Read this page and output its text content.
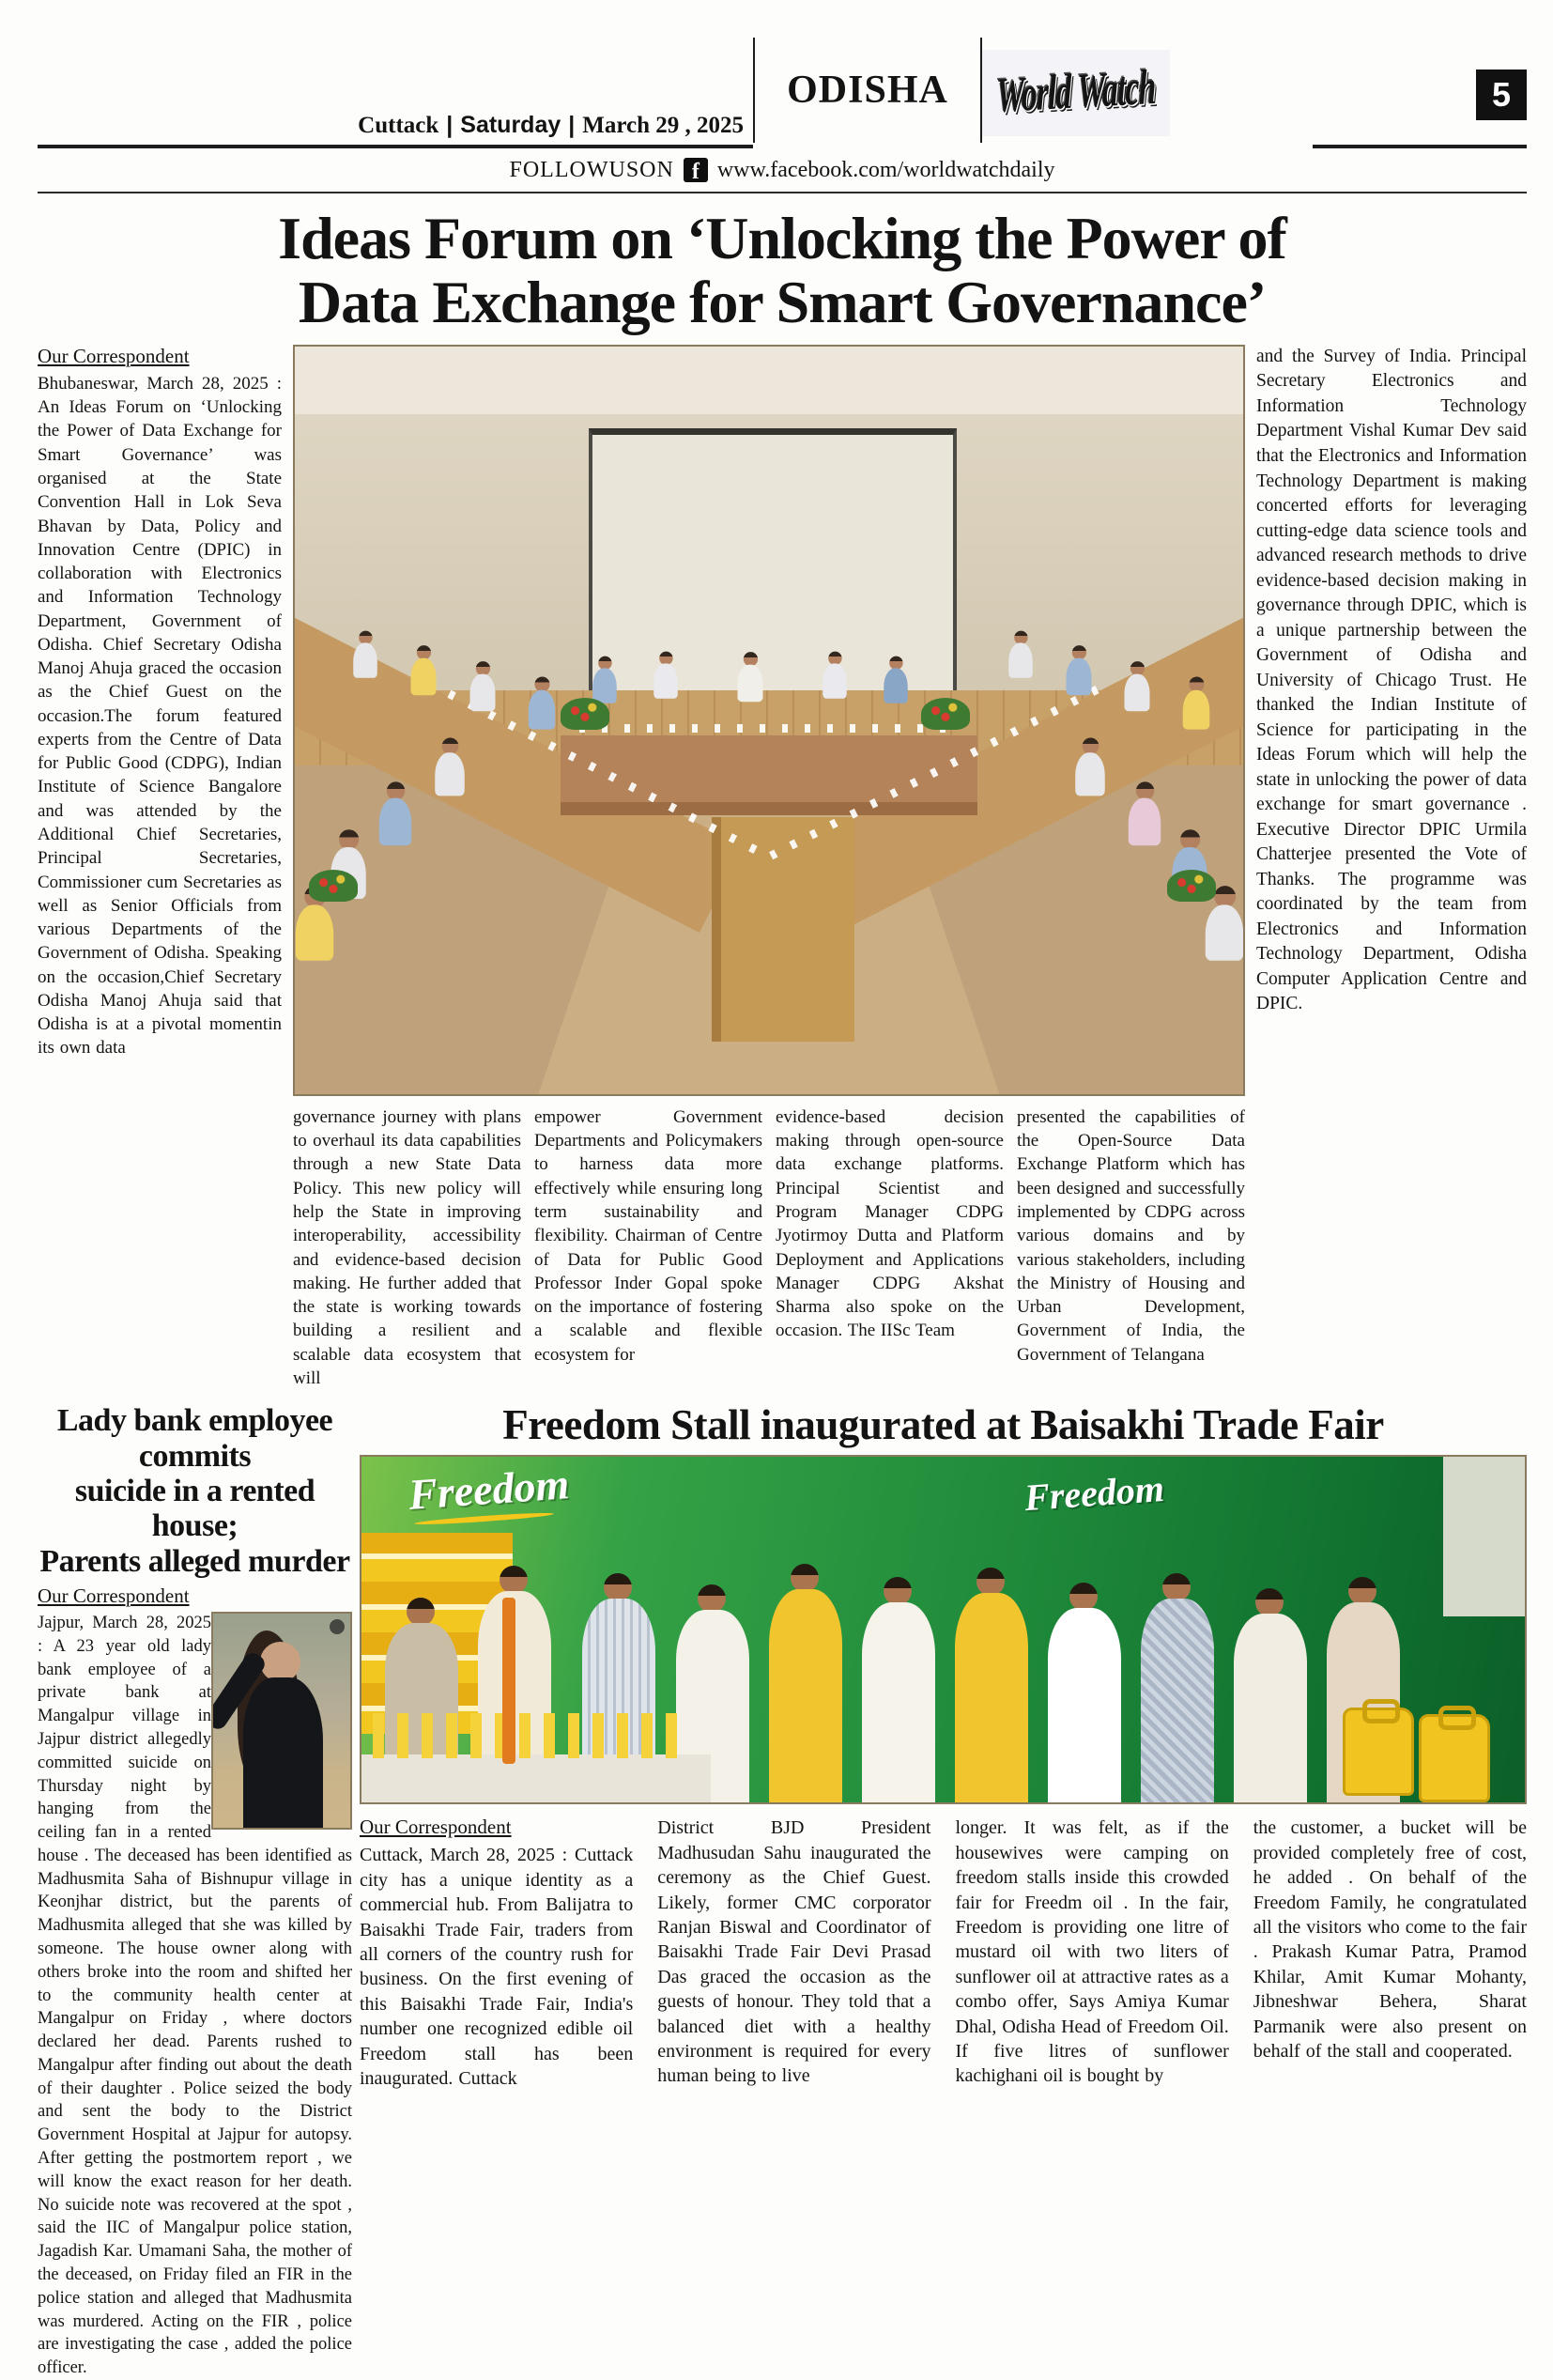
Cuttack | Saturday | March 29 , 2025
ODISHA	World Watch	5
FOLLOWUSON f www.facebook.com/worldwatchdaily
Ideas Forum on ‘Unlocking the Power of
Data Exchange for Smart Governance’

Our Correspondent

Bhubaneswar, March 28, 2025 : An Ideas Forum on ‘Unlocking the Power of Data Exchange for Smart Governance’ was organised at the State Convention Hall in Lok Seva Bhavan by Data, Policy and Innovation Centre (DPIC) in collaboration with Electronics and Information Technology Department, Government of Odisha. Chief Secretary Odisha Manoj Ahuja graced the occasion as the Chief Guest on the occasion.The forum featured experts from the Centre of Data for Public Good (CDPG), Indian Institute of Science Bangalore and was attended by the Additional Chief Secretaries, Principal Secretaries, Commissioner cum Secretaries as well as Senior Officials from various Departments of the Government of Odisha. Speaking on the occasion,Chief Secretary Odisha Manoj Ahuja said that Odisha is at a pivotal momentin its own data

governance journey with plans to overhaul its data capabilities through a new State Data Policy. This new policy will help the State in improving interoperability, accessibility and evidence-based decision making. He further added that the state is working towards building a resilient and scalable data ecosystem that will

empower Government Departments and Policymakers to harness data more effectively while ensuring long term sustainability and flexibility. Chairman of Centre of Data for Public Good Professor Inder Gopal spoke on the importance of fostering a scalable and flexible ecosystem for

evidence-based decision making through open-source data exchange platforms. Principal Scientist and Program Manager CDPG Jyotirmoy Dutta and Platform Deployment and Applications Manager CDPG Akshat Sharma also spoke on the occasion. The IISc Team

presented the capabilities of the Open-Source Data Exchange Platform which has been designed and successfully implemented by CDPG across various domains and by various stakeholders, including the Ministry of Housing and Urban Development, Government of India, the Government of Telangana

and the Survey of India. Principal Secretary Electronics and Information Technology Department Vishal Kumar Dev said that the Electronics and Information Technology Department is making concerted efforts for leveraging cutting-edge data science tools and advanced research methods to drive evidence-based decision making in governance through DPIC, which is a unique partnership between the Government of Odisha and University of Chicago Trust. He thanked the Indian Institute of Science for participating in the Ideas Forum which will help the state in unlocking the power of data exchange for smart governance . Executive Director DPIC Urmila Chatterjee presented the Vote of Thanks. The programme was coordinated by the team from Electronics and Information Technology Department, Odisha Computer Application Centre and DPIC.

Lady bank employee commits
suicide in a rented house;
Parents alleged murder

Our Correspondent

Jajpur, March 28, 2025 : A 23 year old lady bank employee of a private bank at Mangalpur village in Jajpur district allegedly committed suicide on Thursday night by hanging from the ceiling fan in a rented house . The deceased has been identified as Madhusmita Saha of Bishnupur village in Keonjhar district, but the parents of Madhusmita alleged that she was killed by someone. The house owner along with others broke into the room and shifted her to the community health center at Mangalpur on Friday , where doctors declared her dead. Parents rushed to Mangalpur after finding out about the death of their daughter . Police seized the body and sent the body to the District Government Hospital at Jajpur for autopsy. After getting the postmortem report , we will know the exact reason for her death. No suicide note was recovered at the spot , said the IIC of Mangalpur police station, Jagadish Kar. Umamani Saha, the mother of the deceased, on Friday filed an FIR in the police station and alleged that Madhusmita was murdered. Acting on the FIR , police are investigating the case , added the police officer.

Freedom Stall inaugurated at Baisakhi Trade Fair
Freedom	Freedom

Our Correspondent

Cuttack, March 28, 2025 : Cuttack city has a unique identity as a commercial hub. From Balijatra to Baisakhi Trade Fair, traders from all corners of the country rush for business. On the first evening of this Baisakhi Trade Fair, India's number one recognized edible oil Freedom stall has been inaugurated. Cuttack

District BJD President Madhusudan Sahu inaugurated the ceremony as the Chief Guest. Likely, former CMC corporator Ranjan Biswal and Coordinator of Baisakhi Trade Fair Devi Prasad Das graced the occasion as the guests of honour. They told that a balanced diet with a healthy environment is required for every human being to live

longer. It was felt, as if the housewives were camping on freedom stalls inside this crowded fair for Freedm oil . In the fair, Freedom is providing one litre of mustard oil with two liters of sunflower oil at attractive rates as a combo offer, Says Amiya Kumar Dhal, Odisha Head of Freedom Oil. If five litres of sunflower kachighani oil is bought by

the customer, a bucket will be provided completely free of cost, he added . On behalf of the Freedom Family, he congratulated all the visitors who come to the fair . Prakash Kumar Patra, Pramod Khilar, Amit Kumar Mohanty, Jibneshwar Behera, Sharat Parmanik were also present on behalf of the stall and cooperated.
